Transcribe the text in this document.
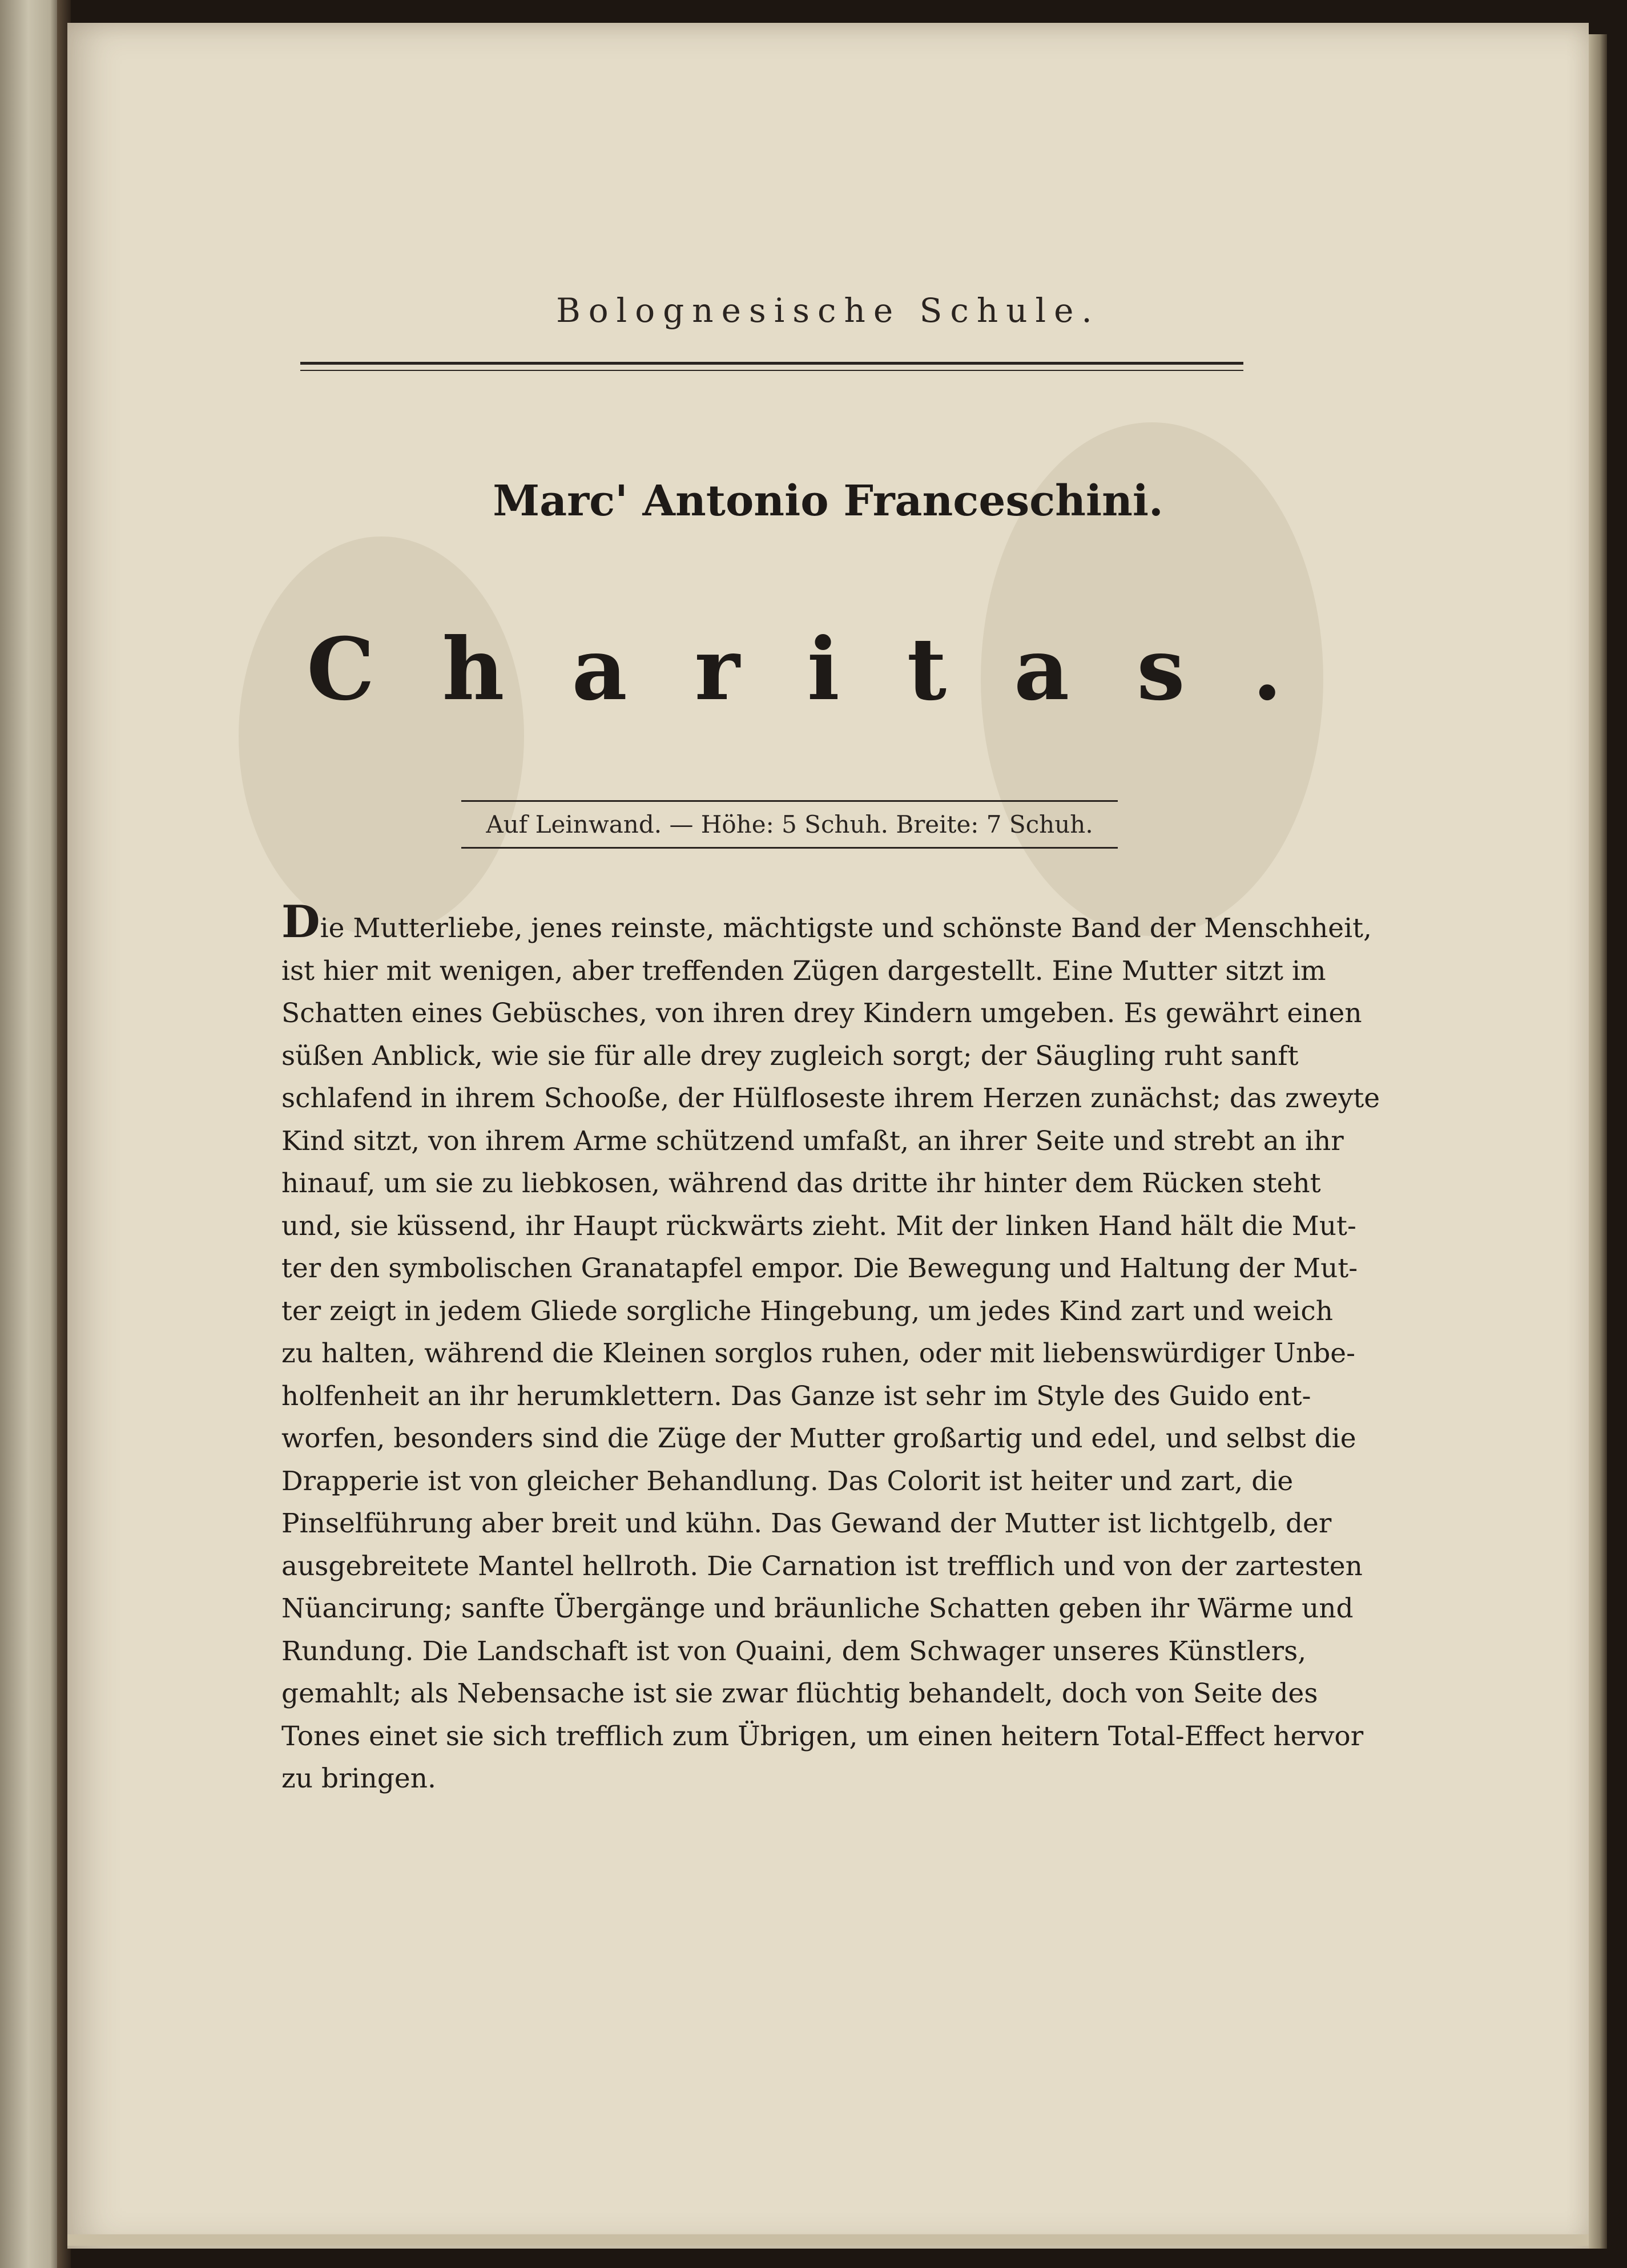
Bolognesische Schule.
Marc' Antonio Franceschini.
Charitas.
Auf Leinwand. — Höhe: 5 Schuh. Breite: 7 Schuh.
Die Mutterliebe, jenes reinste, mächtigste und schönste Band der Menschheit,
ist hier mit wenigen, aber treffenden Zügen dargestellt. Eine Mutter sitzt im
Schatten eines Gebüsches, von ihren drey Kindern umgeben. Es gewährt einen
süßen Anblick, wie sie für alle drey zugleich sorgt; der Säugling ruht sanft
schlafend in ihrem Schooße, der Hülfloseste ihrem Herzen zunächst; das zweyte
Kind sitzt, von ihrem Arme schützend umfaßt, an ihrer Seite und strebt an ihr
hinauf, um sie zu liebkosen, während das dritte ihr hinter dem Rücken steht
und, sie küssend, ihr Haupt rückwärts zieht. Mit der linken Hand hält die Mut-
ter den symbolischen Granatapfel empor. Die Bewegung und Haltung der Mut-
ter zeigt in jedem Gliede sorgliche Hingebung, um jedes Kind zart und weich
zu halten, während die Kleinen sorglos ruhen, oder mit liebenswürdiger Unbe-
holfenheit an ihr herumklettern. Das Ganze ist sehr im Style des Guido ent-
worfen, besonders sind die Züge der Mutter großartig und edel, und selbst die
Drapperie ist von gleicher Behandlung. Das Colorit ist heiter und zart, die
Pinselführung aber breit und kühn. Das Gewand der Mutter ist lichtgelb, der
ausgebreitete Mantel hellroth. Die Carnation ist trefflich und von der zartesten
Nüancirung; sanfte Übergänge und bräunliche Schatten geben ihr Wärme und
Rundung. Die Landschaft ist von Quaini, dem Schwager unseres Künstlers,
gemahlt; als Nebensache ist sie zwar flüchtig behandelt, doch von Seite des
Tones einet sie sich trefflich zum Übrigen, um einen heitern Total-Effect hervor
zu bringen.
